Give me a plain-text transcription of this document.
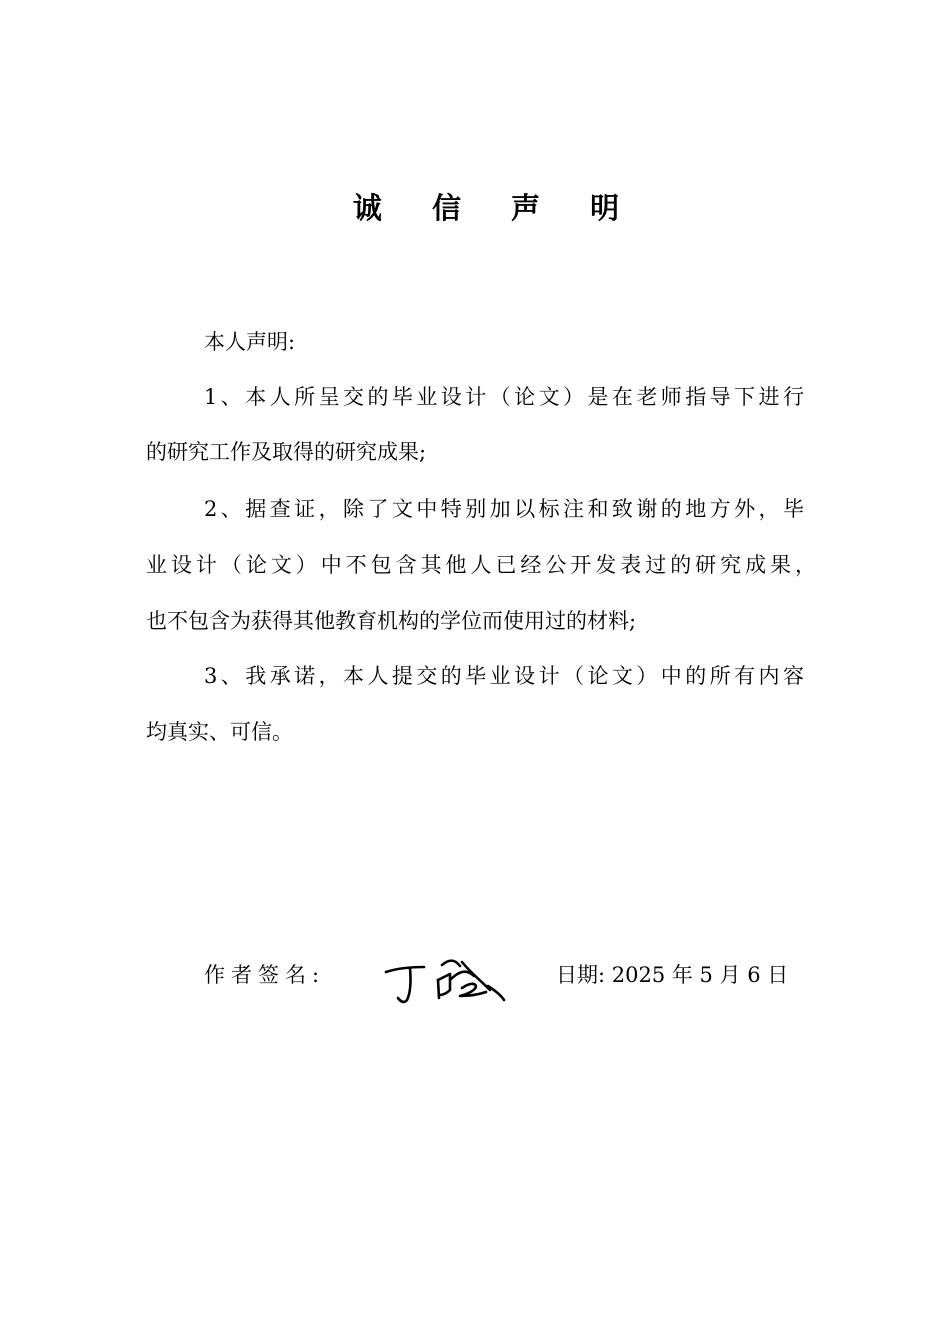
诚 信 声 明
本人声明:
1、本人所呈交的毕业设计（论文）是在老师指导下进行
的研究工作及取得的研究成果;
2、据查证，除了文中特别加以标注和致谢的地方外，毕
业设计（论文）中不包含其他人已经公开发表过的研究成果，
也不包含为获得其他教育机构的学位而使用过的材料;
3、我承诺，本人提交的毕业设计（论文）中的所有内容
均真实、可信。
作者签名:	日期: 2025 年 5 月 6 日
